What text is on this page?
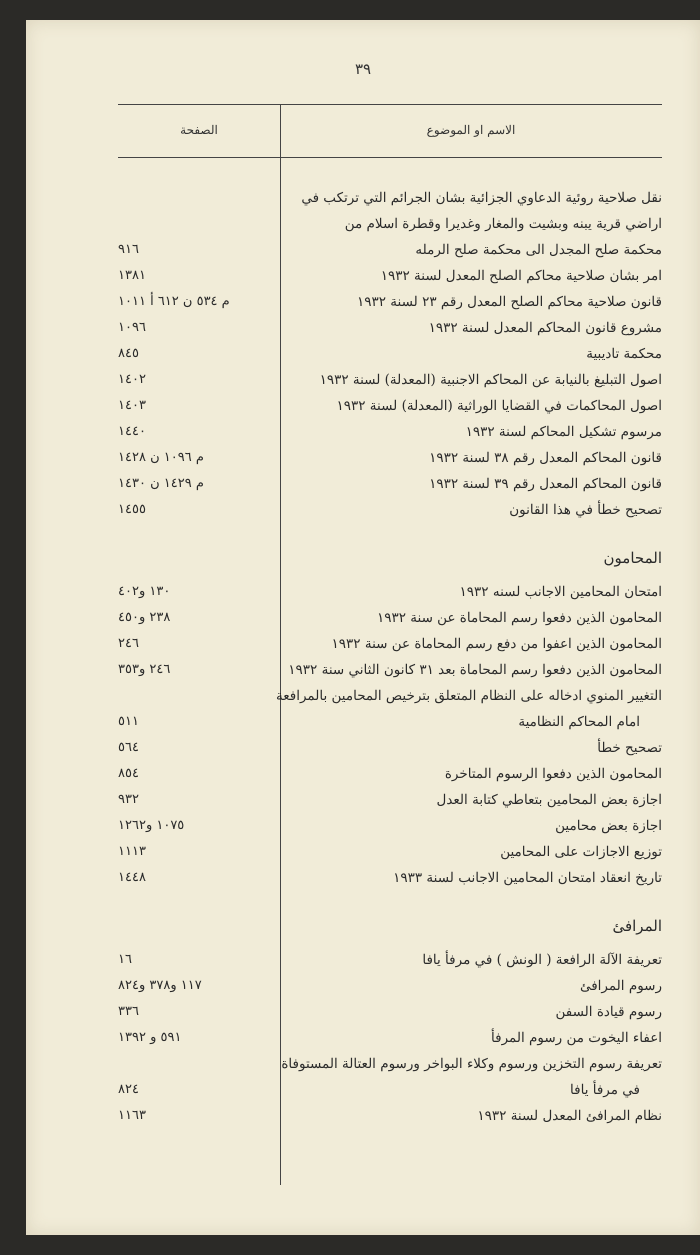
٣٩
الصفحة	الاسم او الموضوع
نقل صلاحية روئية الدعاوي الجزائية بشان الجرائم التي ترتكب في
اراضي قرية يبنه وبشيت والمغار وغديرا وقطرة اسلام من
محكمة صلح المجدل الى محكمة صلح الرمله
٩١٦
امر بشان صلاحية محاكم الصلح المعدل لسنة ١٩٣٢
١٣٨١
قانون صلاحية محاكم الصلح المعدل رقم ٢٣ لسنة ١٩٣٢
م ٥٣٤ ن ٦١٢ أ ١٠١١
مشروع قانون المحاكم المعدل لسنة ١٩٣٢
١٠٩٦
محكمة تاديبية
٨٤٥
اصول التبليغ بالنيابة عن المحاكم الاجنبية (المعدلة) لسنة ١٩٣٢
١٤٠٢
اصول المحاكمات في القضايا الوراثية (المعدلة) لسنة ١٩٣٢
١٤٠٣
مرسوم تشكيل المحاكم لسنة ١٩٣٢
١٤٤٠
قانون المحاكم المعدل رقم ٣٨ لسنة ١٩٣٢
م ١٠٩٦ ن ١٤٢٨
قانون المحاكم المعدل رقم ٣٩ لسنة ١٩٣٢
م ١٤٢٩ ن ١٤٣٠
تصحيح خطأ في هذا القانون
١٤٥٥
المحامون
امتحان المحامين الاجانب لسنه ١٩٣٢
١٣٠ و٤٠٢
المحامون الذين دفعوا رسم المحاماة عن سنة ١٩٣٢
٢٣٨ و٤٥٠
المحامون الذين اعفوا من دفع رسم المحاماة عن سنة ١٩٣٢
٢٤٦
المحامون الذين دفعوا رسم المحاماة بعد ٣١ كانون الثاني سنة ١٩٣٢
٢٤٦ و٣٥٣
التغيير المنوي ادخاله على النظام المتعلق بترخيص المحامين بالمرافعة
امام المحاكم النظامية
٥١١
تصحيح خطأ
٥٦٤
المحامون الذين دفعوا الرسوم المتاخرة
٨٥٤
اجازة بعض المحامين بتعاطي كتابة العدل
٩٣٢
اجازة بعض محامين
١٠٧٥ و١٢٦٢
توزيع الاجازات على المحامين
١١١٣
تاريخ انعقاد امتحان المحامين الاجانب لسنة ١٩٣٣
١٤٤٨
المرافئ
تعريفة الآلة الرافعة ( الونش ) في مرفأ يافا
١٦
رسوم المرافئ
١١٧ و٣٧٨ و٨٢٤
رسوم قيادة السفن
٣٣٦
اعفاء اليخوت من رسوم المرفأ
٥٩١ و ١٣٩٢
تعريفة رسوم التخزين ورسوم وكلاء البواخر ورسوم العتالة المستوفاة
في مرفأ يافا
٨٢٤
نظام المرافئ المعدل لسنة ١٩٣٢
١١٦٣
